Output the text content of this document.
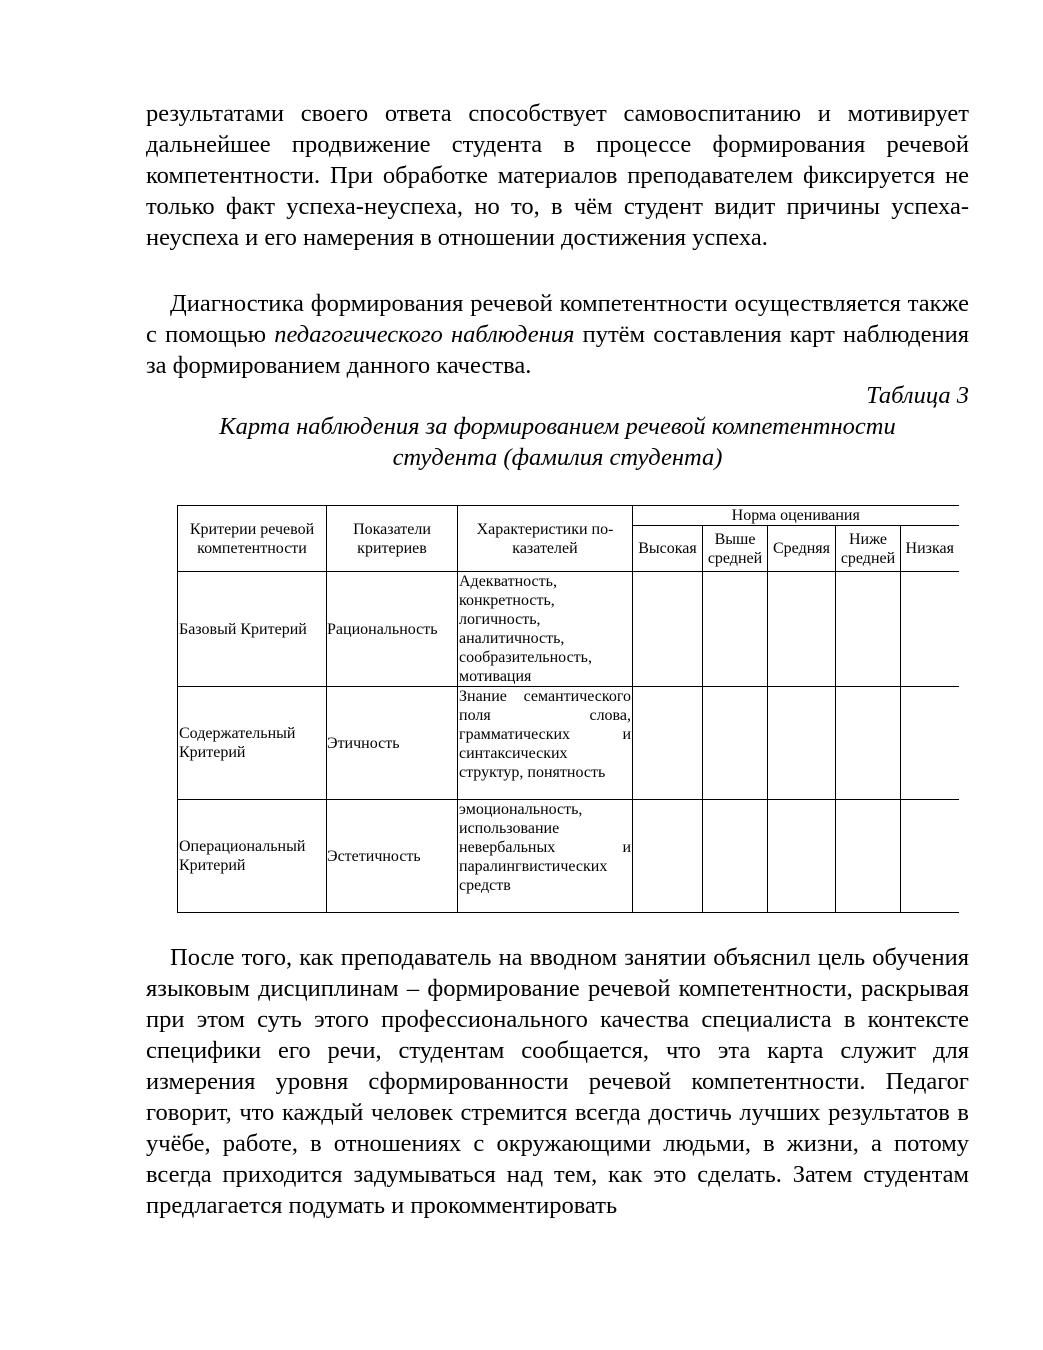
результатами своего ответа способствует самовоспитанию и мотивирует дальнейшее продвижение студента в процессе формирования речевой компетентности. При обработке материалов преподавателем фиксируется не только факт успеха-неуспеха, но то, в чём студент видит причины успеха-неуспеха и его намерения в отношении достижения успеха.

Диагностика формирования речевой компетентности осуществляется также с помощью педагогического наблюдения путём составления карт наблюдения за формированием данного качества.

Таблица 3

Карта наблюдения за формированием речевой компетентности
студента (фамилия студента)
Критерии речевой компетентности	Показатели критериев	Характеристики по-казателей	Норма оценивания				
			Высокая	Выше средней	Средняя	Ниже средней	Низкая
Базовый Критерий	Рациональность	Адекватность, конкретность, логичность, аналитичность, сообразительность, мотивация					
Содержательный Критерий	Этичность	Знание семантического поля слова, грамматических и синтаксических структур, понятность					
Операциональный Критерий	Эстетичность	эмоциональность, использование невербальных и паралингвистических средств					

После того, как преподаватель на вводном занятии объяснил цель обучения языковым дисциплинам – формирование речевой компетентности, раскрывая при этом суть этого профессионального качества специалиста в контексте специфики его речи, студентам сообщается, что эта карта служит для измерения уровня сформированности речевой компетентности. Педагог говорит, что каждый человек стремится всегда достичь лучших результатов в учёбе, работе, в отношениях с окружающими людьми, в жизни, а потому всегда приходится задумываться над тем, как это сделать. Затем студентам предлагается подумать и прокомментировать
